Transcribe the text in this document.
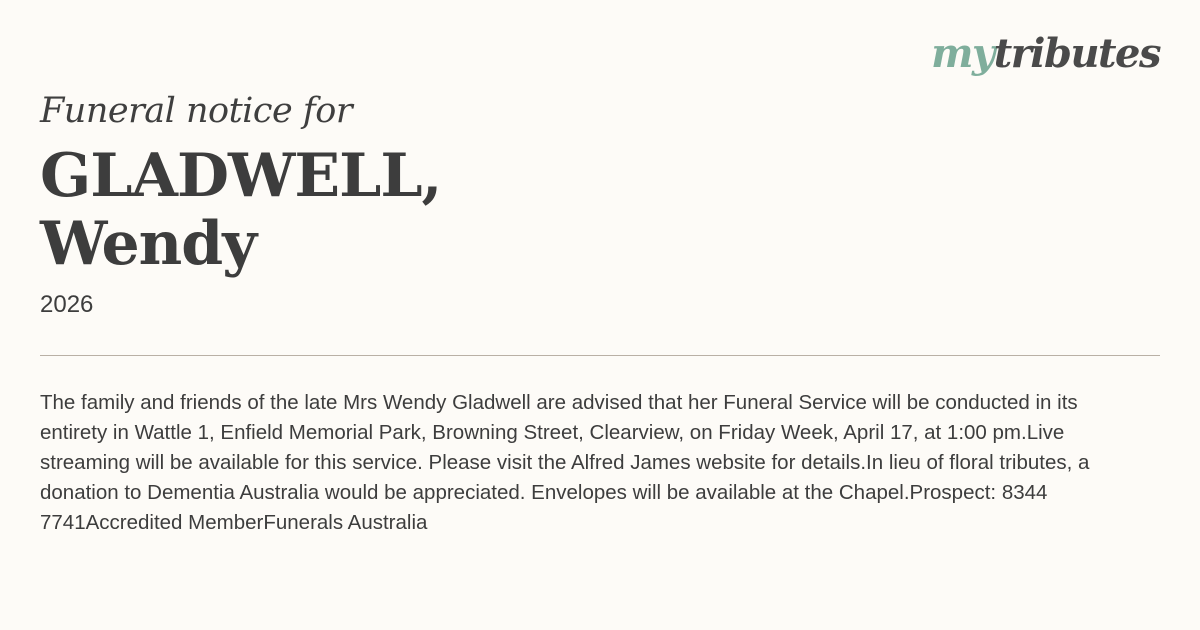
mytributes
Funeral notice for
GLADWELL,
Wendy
2026

The family and friends of the late Mrs Wendy Gladwell are advised that her Funeral Service will be conducted in its entirety in Wattle 1, Enfield Memorial Park, Browning Street, Clearview, on Friday Week, April 17, at 1:00 pm.Live streaming will be available for this service. Please visit the Alfred James website for details.In lieu of floral tributes, a donation to Dementia Australia would be appreciated. Envelopes will be available at the Chapel.Prospect: 8344 7741Accredited MemberFunerals Australia
